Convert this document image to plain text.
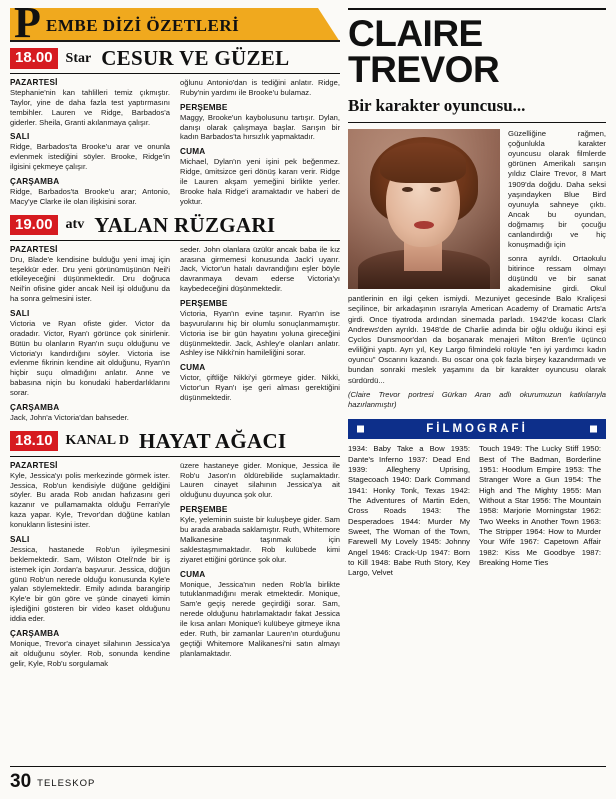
P EMBE DİZİ ÖZETLERİ
18.00 Star CESUR VE GÜZEL
PAZARTESİ

Stephanie'nin kan tahlilleri temiz çıkmıştır. Taylor, yine de daha fazla test yaptırmasını tembihler. Lauren ve Ridge, Barbados'a giderler. Sheila, Granti akılanmaya çalışır.

SALI

Ridge, Barbados'ta Brooke'u arar ve onunla evlenmek istediğini söyler. Brooke, Ridge'in ilgisini çekmeye çalışır.

ÇARŞAMBA

Ridge, Barbados'ta Brooke'u arar; Antonio, Macy'ye Clarke ile olan ilişkisini sorar.

oğlunu Antonio'dan is tediğini anlatır. Ridge, Ruby'nin yardımı ile Brooke'u bulamaz.

PERŞEMBE

Maggy, Brooke'un kaybolusunu tartışır. Dylan, danışı olarak çalışmaya başlar. Sarışın bir kadın Barbados'ta hırsızlık yapmaktadır.

CUMA

Michael, Dylan'ın yeni işini pek beğenmez. Ridge, ümitsizce geri dönüş kararı verir. Ridge ile Lauren akşam yemeğini birlikte yerler. Brooke hala Ridge'i aramaktadır ve haberi de yoktur.

19.00 atv YALAN RÜZGARI
PAZARTESİ

Dru, Blade'e kendisine bulduğu yeni imaj için teşekkür eder. Dru yeni görünümüşünün Neil'i etkileyeceğini düşünmektedir. Dru doğruca Neil'in ofisine gider ancak Neil işi olduğunu da ha sonra gelmesini ister.

SALI

Victoria ve Ryan ofiste gider. Victor da oradadır. Victor, Ryan'ı görünce çok sinirlenir. Bütün bu olanların Ryan'ın suçu olduğunu ve Victoria'yı kandırdığını söyler. Victoria ise evlenme fikrinin kendine ait olduğunu, Ryan'ın hiçbir suçu olmadığını anlatır. Anne ve babasına niçin bu konudaki haberdarlıklarını sorar.

ÇARŞAMBA

Jack, John'a Victoria'dan bahseder.

seder. John olanlara üzülür ancak baba ile kız arasına girmemesi konusunda Jack'i uyarır. Jack, Victor'un hatalı davrandığını eşler böyle davranmaya devam ederse Victoria'yı kaybedeceğini düşünmektedir.

PERŞEMBE

Victoria, Ryan'ın evine taşınır. Ryan'ın ise başvurularını hiç bir olumlu sonuçlanmamıştır. Victoria ise bir gün hayatını yoluna gireceğini düşünmektedir. Jack, Ashley'e olanları anlatır. Ashley ise Nikki'nin hamileliğini sorar.

CUMA

Victor, çiftliğe Nikki'yi görmeye gider. Nikki, Victor'un Ryan'ı işe geri alması gerektiğini düşünmektedir.

18.10 KANAL D HAYAT AĞACI
PAZARTESİ

Kyle, Jessica'yı polis merkezinde görmek ister. Jessica, Rob'un kendisiyle düğüne geldiğini söyler. Bu arada Rob anıdan hafızasını geri kazanır ve pullamamakta olduğu Ferrari'yle kaza yapar. Kyle, Trevor'dan düğüne katılan konukların listesini ister.

SALI

Jessica, hastanede Rob'un iyileşmesini beklemektedir. Sam, Wilston Oteli'nde bir iş istemek için Jordan'a başvurur. Jessica, düğün günü Rob'un nerede olduğu konusunda Kyle'e yalan söylemektedir. Emily adında barangirip Kyle'e bir gün göre ve şünde cinayeti kimin işlediğini gösteren bir video kaset olduğunu iddia eder.

ÇARŞAMBA

Monique, Trevor'a cinayet silahının Jessica'ya ait olduğunu söyler. Rob, sonunda kendine gelir, Kyle, Rob'u sorgulamak

üzere hastaneye gider. Monique, Jessica ile Rob'u Jason'ın öldürebilide suçlamaktadır. Lauren cinayet silahının Jessica'ya ait olduğunu duyunca şok olur.

PERŞEMBE

Kyle, yeleminin suiste bir kuluşbeye gider. Sam bu arada arabada saklamıştır. Ruth, Whitemore Malkanesine taşınmak için saklestaşmımaktadır. Rob kulübede kimi ziyaret ettiğini görünce şok olur.

CUMA

Monique, Jessica'nın neden Rob'la birlikte tutuklanmadığını merak etmektedir. Monique, Sam'e geçiş nerede geçirdiği sorar. Sam, nerede olduğunu hatırlamaktadır fakat Jessica ile kısa anları Monique'i kulübeye gitmeye ikna eder. Ruth, bir zamanlar Lauren'ın oturduğunu geçtiği Whitemore Malikanesi'ni satın almayı planlamaktadır.

CLAIRE
TREVOR
Bir karakter oyuncusu...

Güzelliğine rağmen, çoğunlukla karakter oyuncusu olarak filmlerde görünen Amerikalı sarışın yıldız Claire Trevor, 8 Mart 1909'da doğdu. Daha seksi yaşındayken Blue Bird oyunuyla sahneye çıktı. Ancak bu oyundan, doğmamış bir çocuğu canlandırdığı ve hiç konuşmadığı için

sonra ayrıldı. Ortaokulu bitirince ressam olmayı düşündü ve bir sanat akademisine girdi. Okul pantlerinin en ilgi çeken ismiydi. Mezuniyet gecesinde Balo Kraliçesi seçilince, bir arkadaşının ısrarıyla American Academy of Dramatic Arts'a girdi. Once tiyatroda ardından sinemada parladı. 1942'de kocası Clark Andrews'den ayrıldı. 1948'de de Charlie adında bir oğlu olduğu ikinci eşi Cyclos Dunsmoor'dan da boşanarak menajeri Milton Bren'le üçüncü evliliğini yaptı. Ayrı yıl, Key Largo filmindeki rolüyle "en iyi yardımcı kadın oyuncu" Oscarını kazandı. Bu oscar ona çok fazla birşey kazandırmadı ve bundan sonraki meslek yaşamını da bir karakter oyuncusu olarak sürdürdü...

(Claire Trevor portresi Gürkan Aran adlı okurumuzun katkılarıyla hazırlanmıştır)

FİLMOGRAFİ

1934: Baby Take a Bow 1935: Dante's Inferno 1937: Dead End 1939: Allegheny Uprising, Stagecoach 1940: Dark Command 1941: Honky Tonk, Texas 1942: The Adventures of Martin Eden, Cross Roads 1943: The Desperadoes 1944: Murder My Sweet, The Woman of the Town, Farewell My Lovely 1945: Johnny Angel 1946: Crack-Up 1947: Born to Kill 1948: Babe Ruth Story, Key Largo, Velvet

Touch 1949: The Lucky Stiff 1950: Best of The Badman, Borderline 1951: Hoodlum Empire 1953: The Stranger Wore a Gun 1954: The High and The Mighty 1955: Man Without a Star 1956: The Mountain 1958: Marjorie Morningstar 1962: Two Weeks in Another Town 1963: The Stripper 1964: How to Murder Your Wife 1967: Capetown Affair 1982: Kiss Me Goodbye 1987: Breaking Home Ties

30 TELESKOP
